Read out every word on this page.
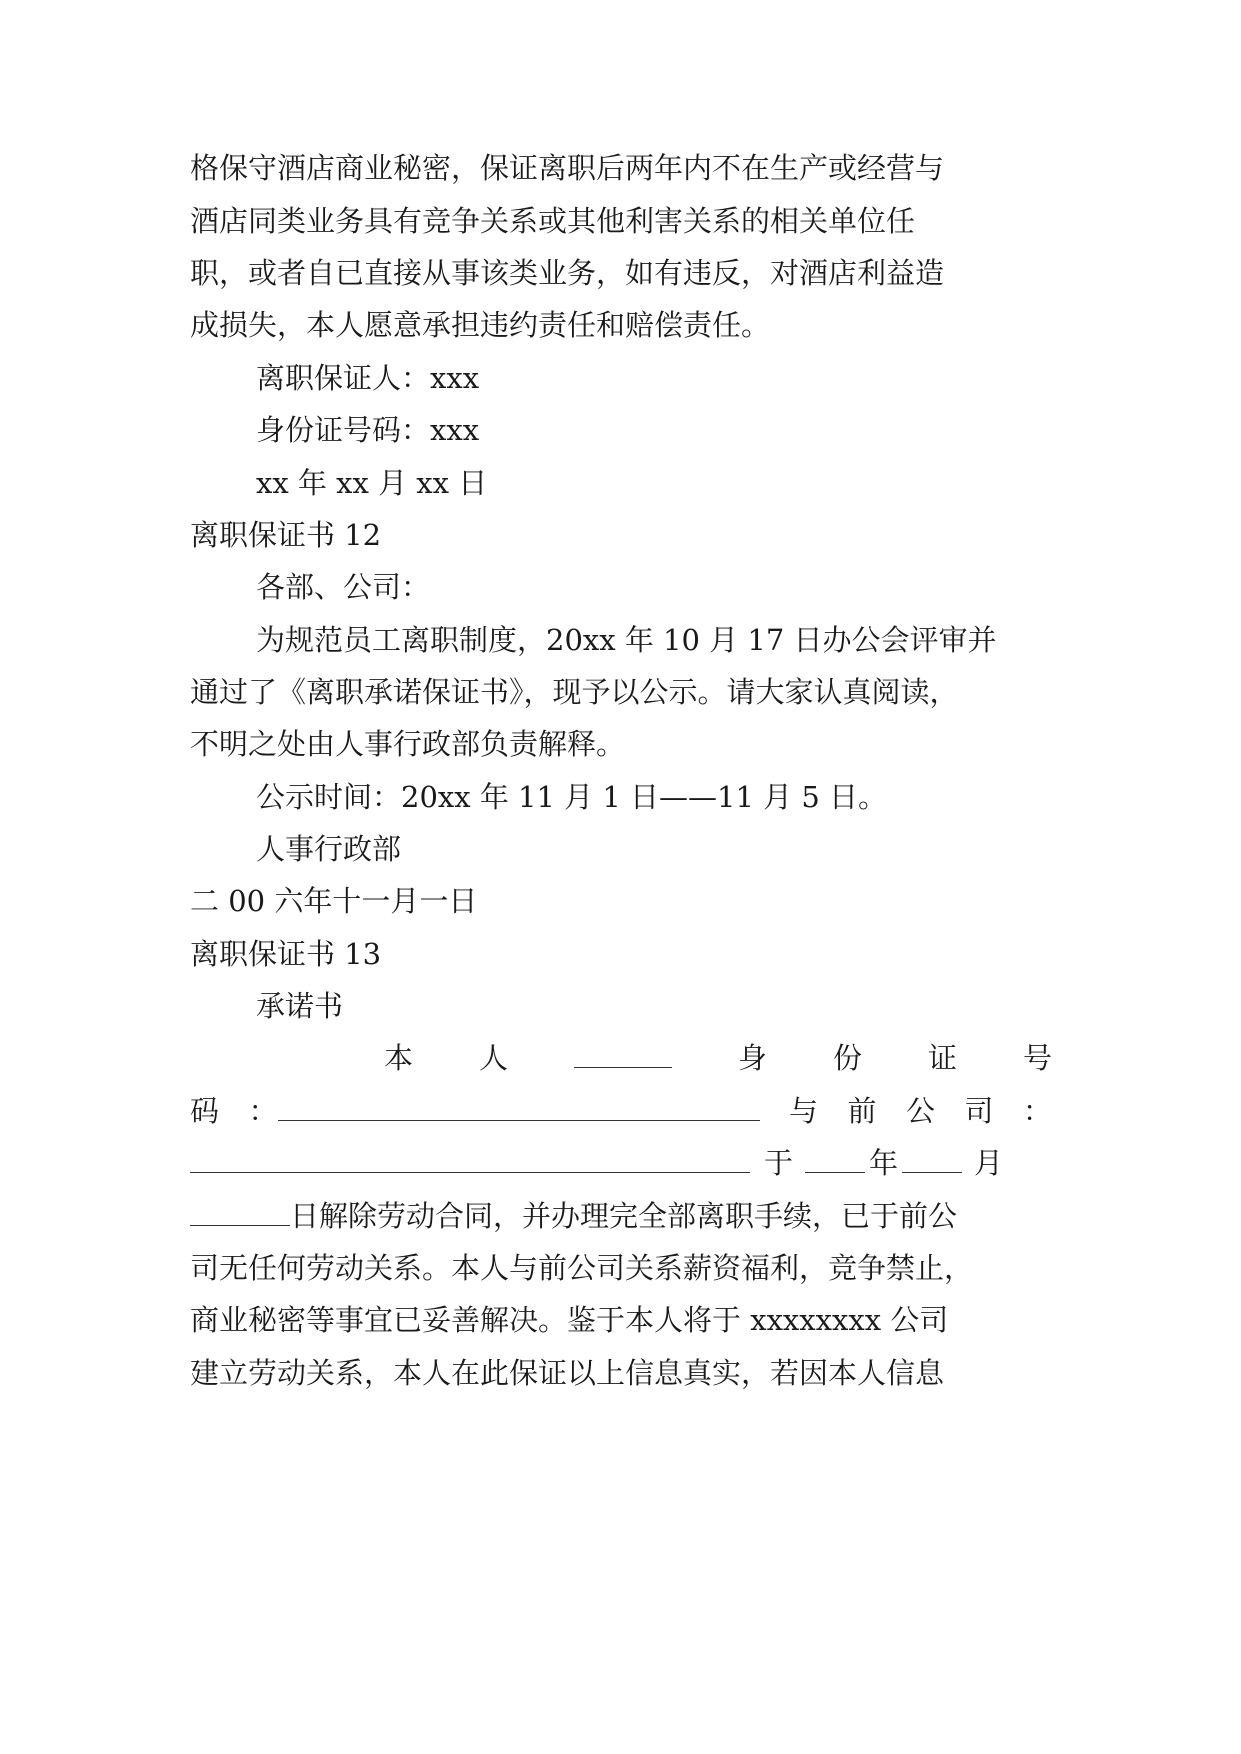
格保守酒店商业秘密，保证离职后两年内不在生产或经营与
酒店同类业务具有竞争关系或其他利害关系的相关单位任
职，或者自已直接从事该类业务，如有违反，对酒店利益造
成损失，本人愿意承担违约责任和赔偿责任。
离职保证人：xxx
身份证号码：xxx
xx 年 xx 月 xx 日
离职保证书 12
各部、公司：
为规范员工离职制度，20xx 年 10 月 17 日办公会评审并
通过了《离职承诺保证书》，现予以公示。请大家认真阅读，
不明之处由人事行政部负责解释。
公示时间：20xx 年 11 月 1 日——11 月 5 日。
人事行政部
二 00 六年十一月一日
离职保证书 13
承诺书
本 人	身 份 证 号
码 ：	与 前 公 司 ：
于	年	月
日解除劳动合同，并办理完全部离职手续，已于前公
司无任何劳动关系。本人与前公司关系薪资福利，竞争禁止，
商业秘密等事宜已妥善解决。鉴于本人将于 xxxxxxxx 公司
建立劳动关系，本人在此保证以上信息真实，若因本人信息
